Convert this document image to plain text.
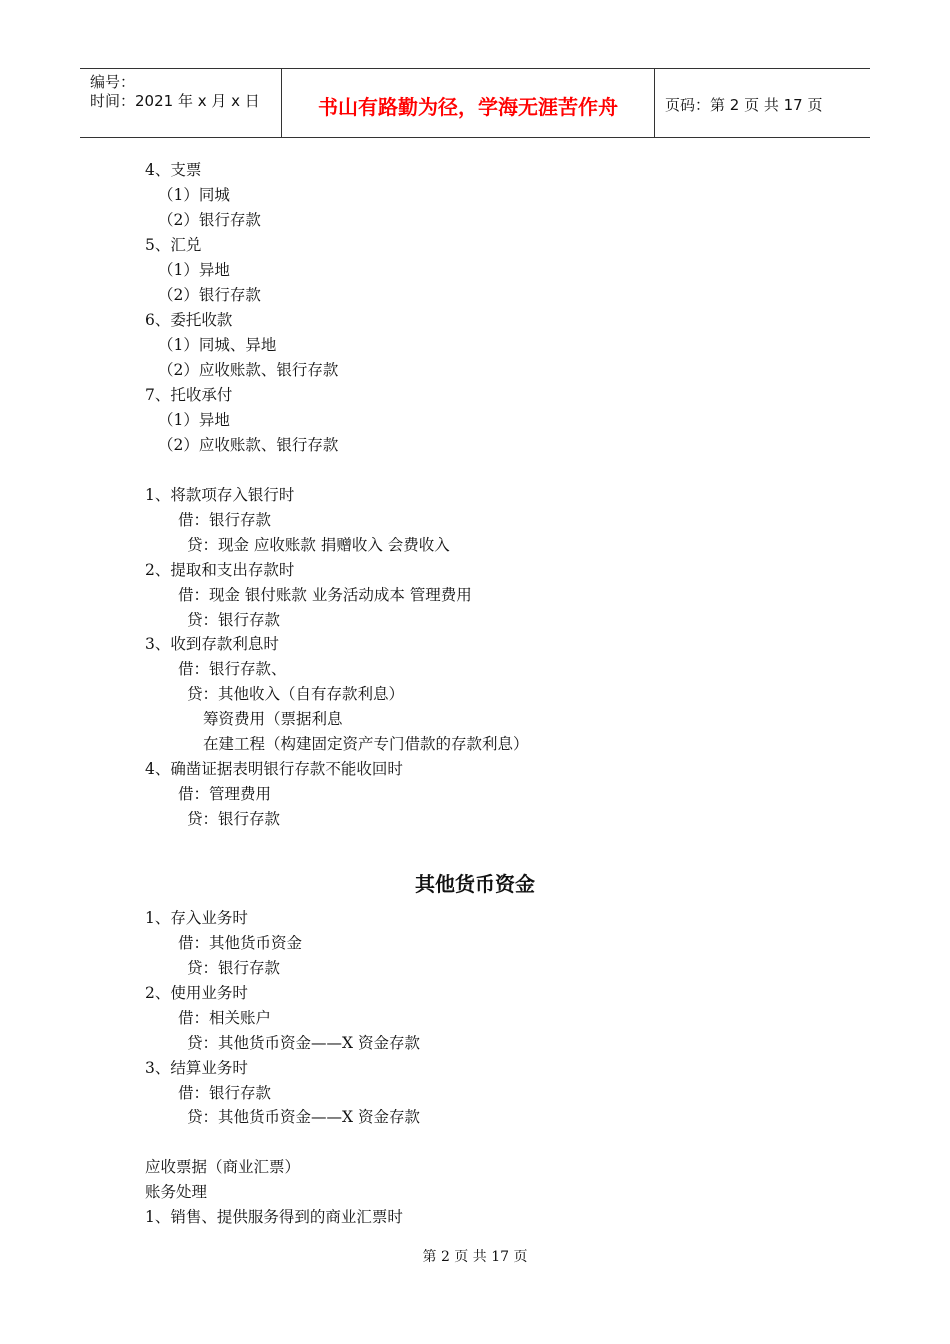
编号：
时间：2021 年 x 月 x 日	书山有路勤为径，学海无涯苦作舟	页码：第 2 页 共 17 页
4、支票
（1）同城
（2）银行存款
5、汇兑
（1）异地
（2）银行存款
6、委托收款
（1）同城、异地
（2）应收账款、银行存款
7、托收承付
（1）异地
（2）应收账款、银行存款
1、将款项存入银行时
借：银行存款
贷：现金 应收账款 捐赠收入 会费收入
2、提取和支出存款时
借：现金 银付账款 业务活动成本 管理费用
贷：银行存款
3、收到存款利息时
借：银行存款、
贷：其他收入（自有存款利息）
筹资费用（票据利息
在建工程（构建固定资产专门借款的存款利息）
4、确凿证据表明银行存款不能收回时
借：管理费用
贷：银行存款
其他货币资金
1、存入业务时
借：其他货币资金
贷：银行存款
2、使用业务时
借：相关账户
贷：其他货币资金——X 资金存款
3、结算业务时
借：银行存款
贷：其他货币资金——X 资金存款
应收票据（商业汇票）
账务处理
1、销售、提供服务得到的商业汇票时
第 2 页 共 17 页
